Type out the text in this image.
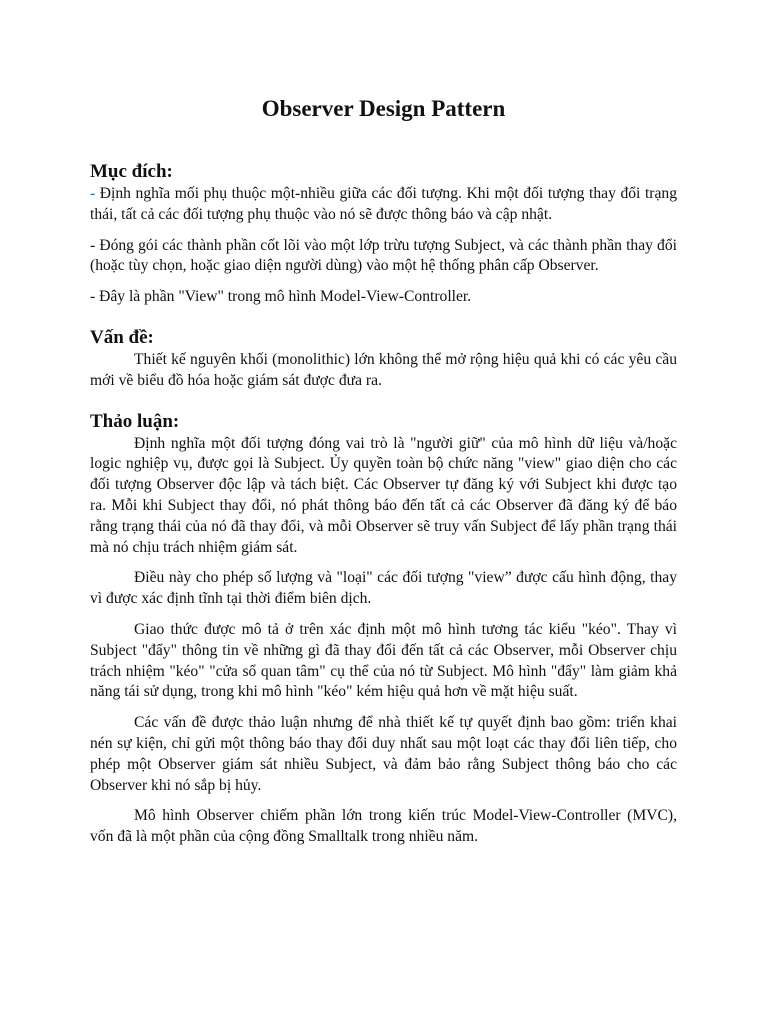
Observer Design Pattern
Mục đích:

- Định nghĩa mối phụ thuộc một-nhiều giữa các đối tượng. Khi một đối tượng thay đổi trạng thái, tất cả các đối tượng phụ thuộc vào nó sẽ được thông báo và cập nhật.

- Đóng gói các thành phần cốt lõi vào một lớp trừu tượng Subject, và các thành phần thay đổi (hoặc tùy chọn, hoặc giao diện người dùng) vào một hệ thống phân cấp Observer.

- Đây là phần "View" trong mô hình Model-View-Controller.

Vấn đề:

Thiết kế nguyên khối (monolithic) lớn không thể mở rộng hiệu quả khi có các yêu cầu mới về biểu đồ hóa hoặc giám sát được đưa ra.

Thảo luận:

Định nghĩa một đối tượng đóng vai trò là "người giữ" của mô hình dữ liệu và/hoặc logic nghiệp vụ, được gọi là Subject. Ủy quyền toàn bộ chức năng "view" giao diện cho các đối tượng Observer độc lập và tách biệt. Các Observer tự đăng ký với Subject khi được tạo ra. Mỗi khi Subject thay đổi, nó phát thông báo đến tất cả các Observer đã đăng ký để báo rằng trạng thái của nó đã thay đổi, và mỗi Observer sẽ truy vấn Subject để lấy phần trạng thái mà nó chịu trách nhiệm giám sát.

Điều này cho phép số lượng và "loại" các đối tượng "view” được cấu hình động, thay vì được xác định tĩnh tại thời điểm biên dịch.

Giao thức được mô tả ở trên xác định một mô hình tương tác kiểu "kéo". Thay vì Subject "đẩy" thông tin về những gì đã thay đổi đến tất cả các Observer, mỗi Observer chịu trách nhiệm "kéo" "cửa sổ quan tâm" cụ thể của nó từ Subject. Mô hình "đẩy" làm giảm khả năng tái sử dụng, trong khi mô hình "kéo" kém hiệu quả hơn về mặt hiệu suất.

Các vấn đề được thảo luận nhưng để nhà thiết kế tự quyết định bao gồm: triển khai nén sự kiện, chỉ gửi một thông báo thay đổi duy nhất sau một loạt các thay đổi liên tiếp, cho phép một Observer giám sát nhiều Subject, và đảm bảo rằng Subject thông báo cho các Observer khi nó sắp bị hủy.

Mô hình Observer chiếm phần lớn trong kiến trúc Model-View-Controller (MVC), vốn đã là một phần của cộng đồng Smalltalk trong nhiều năm.
